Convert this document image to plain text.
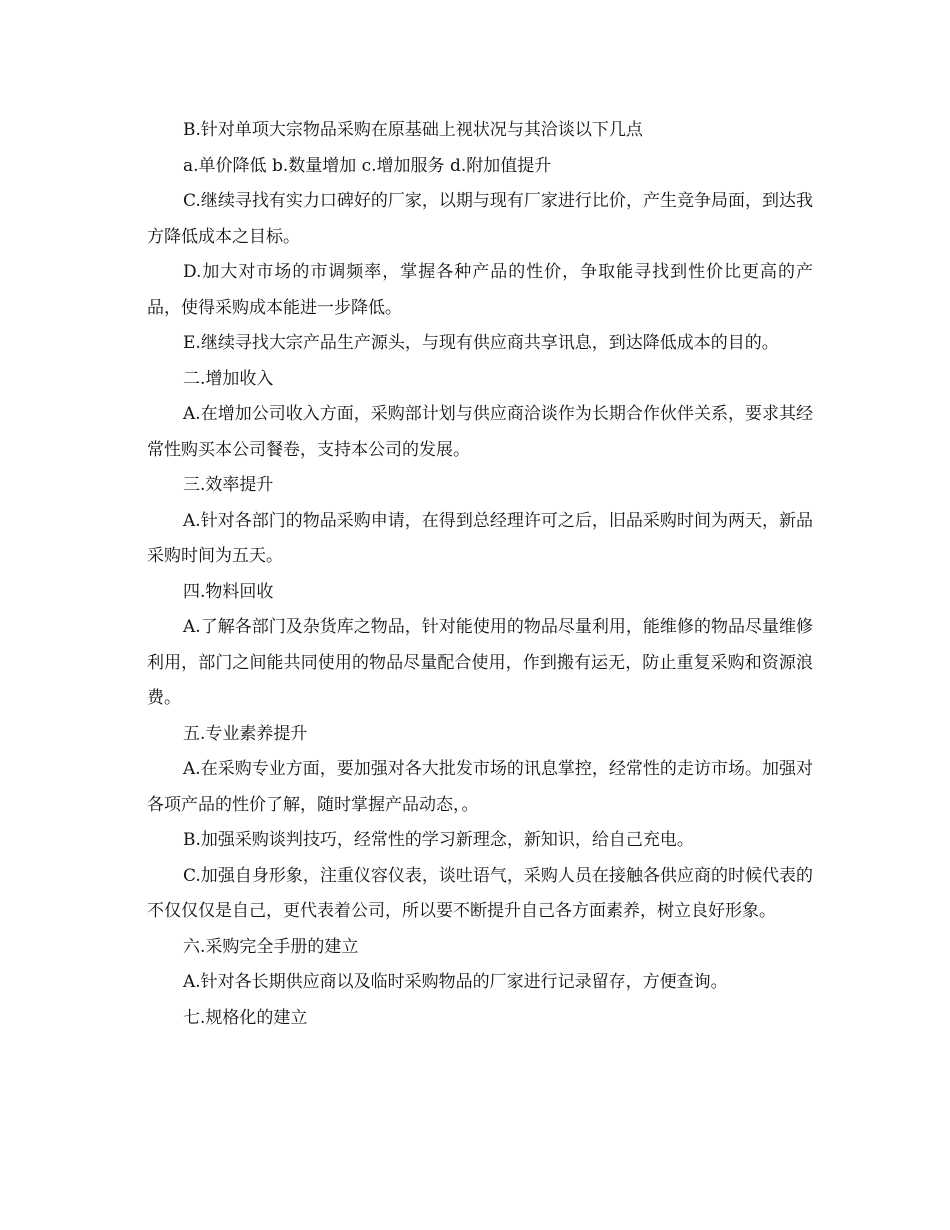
B.针对单项大宗物品采购在原基础上视状况与其洽谈以下几点

a.单价降低 b.数量增加 c.增加服务 d.附加值提升

C.继续寻找有实力口碑好的厂家，以期与现有厂家进行比价，产生竞争局面，到达我方降低成本之目标。

D.加大对市场的市调频率，掌握各种产品的性价，争取能寻找到性价比更高的产品，使得采购成本能进一步降低。

E.继续寻找大宗产品生产源头，与现有供应商共享讯息，到达降低成本的目的。

二.增加收入

A.在增加公司收入方面，采购部计划与供应商洽谈作为长期合作伙伴关系，要求其经常性购买本公司餐卷，支持本公司的发展。

三.效率提升

A.针对各部门的物品采购申请，在得到总经理许可之后，旧品采购时间为两天，新品采购时间为五天。

四.物料回收

A.了解各部门及杂货库之物品，针对能使用的物品尽量利用，能维修的物品尽量维修利用，部门之间能共同使用的物品尽量配合使用，作到搬有运无，防止重复采购和资源浪费。

五.专业素养提升

A.在采购专业方面，要加强对各大批发市场的讯息掌控，经常性的走访市场。加强对各项产品的性价了解，随时掌握产品动态，。

B.加强采购谈判技巧，经常性的学习新理念，新知识，给自己充电。

C.加强自身形象，注重仪容仪表，谈吐语气，采购人员在接触各供应商的时候代表的不仅仅仅是自己，更代表着公司，所以要不断提升自己各方面素养，树立良好形象。

六.采购完全手册的建立

A.针对各长期供应商以及临时采购物品的厂家进行记录留存，方便查询。

七.规格化的建立
